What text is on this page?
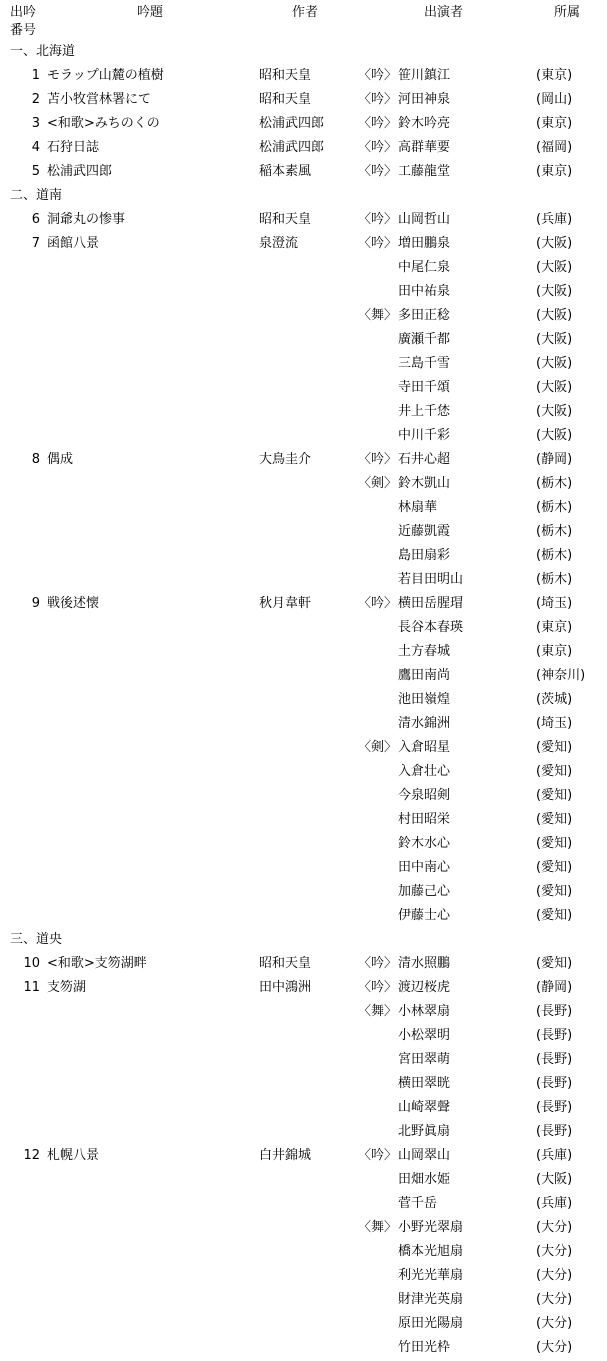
出吟
番号
吟題	作者	出演者	所属
一、北海道
1 モラップ山麓の植樹	昭和天皇	〈吟〉 笹川鎮江	(東京)
2 苫小牧営林署にて	昭和天皇	〈吟〉 河田神泉	(岡山)
3 <和歌>みちのくの	松浦武四郎	〈吟〉 鈴木吟亮	(東京)
4 石狩日誌	松浦武四郎	〈吟〉 高群華要	(福岡)
5 松浦武四郎	稲本素風	〈吟〉 工藤龍堂	(東京)
二、道南
6 洞爺丸の惨事	昭和天皇	〈吟〉 山岡哲山	(兵庫)
7 函館八景	泉澄流	〈吟〉 増田鵬泉	(大阪)
中尾仁泉	(大阪)
田中祐泉	(大阪)
〈舞〉 多田正稔	(大阪)
廣瀬千都	(大阪)
三島千雪	(大阪)
寺田千頌	(大阪)
井上千恷	(大阪)
中川千彩	(大阪)
8 偶成	大鳥圭介	〈吟〉 石井心超	(静岡)
〈剣〉 鈴木凱山	(栃木)
林扇華	(栃木)
近藤凱霞	(栃木)
島田扇彩	(栃木)
若目田明山	(栃木)
9 戦後述懐	秋月韋軒	〈吟〉 横田岳腥瑁	(埼玉)
長谷本春瑛	(東京)
土方春城	(東京)
鷹田南尚	(神奈川)
池田嶺煌	(茨城)
清水錦洲	(埼玉)
〈剣〉 入倉昭星	(愛知)
入倉壮心	(愛知)
今泉昭剣	(愛知)
村田昭栄	(愛知)
鈴木水心	(愛知)
田中南心	(愛知)
加藤己心	(愛知)
伊藤士心	(愛知)
三、道央
10 <和歌>支笏湖畔	昭和天皇	〈吟〉 清水照鵬	(愛知)
11 支笏湖	田中鴻洲	〈吟〉 渡辺桜虎	(静岡)
〈舞〉 小林翠扇	(長野)
小松翠明	(長野)
宮田翠萌	(長野)
横田翠晄	(長野)
山崎翠聲	(長野)
北野眞扇	(長野)
12 札幌八景	白井錦城	〈吟〉 山岡翠山	(兵庫)
田畑水姫	(大阪)
菅千岳	(兵庫)
〈舞〉 小野光翠扇	(大分)
橋本光旭扇	(大分)
利光光華扇	(大分)
財津光英扇	(大分)
原田光陽扇	(大分)
竹田光枠	(大分)
